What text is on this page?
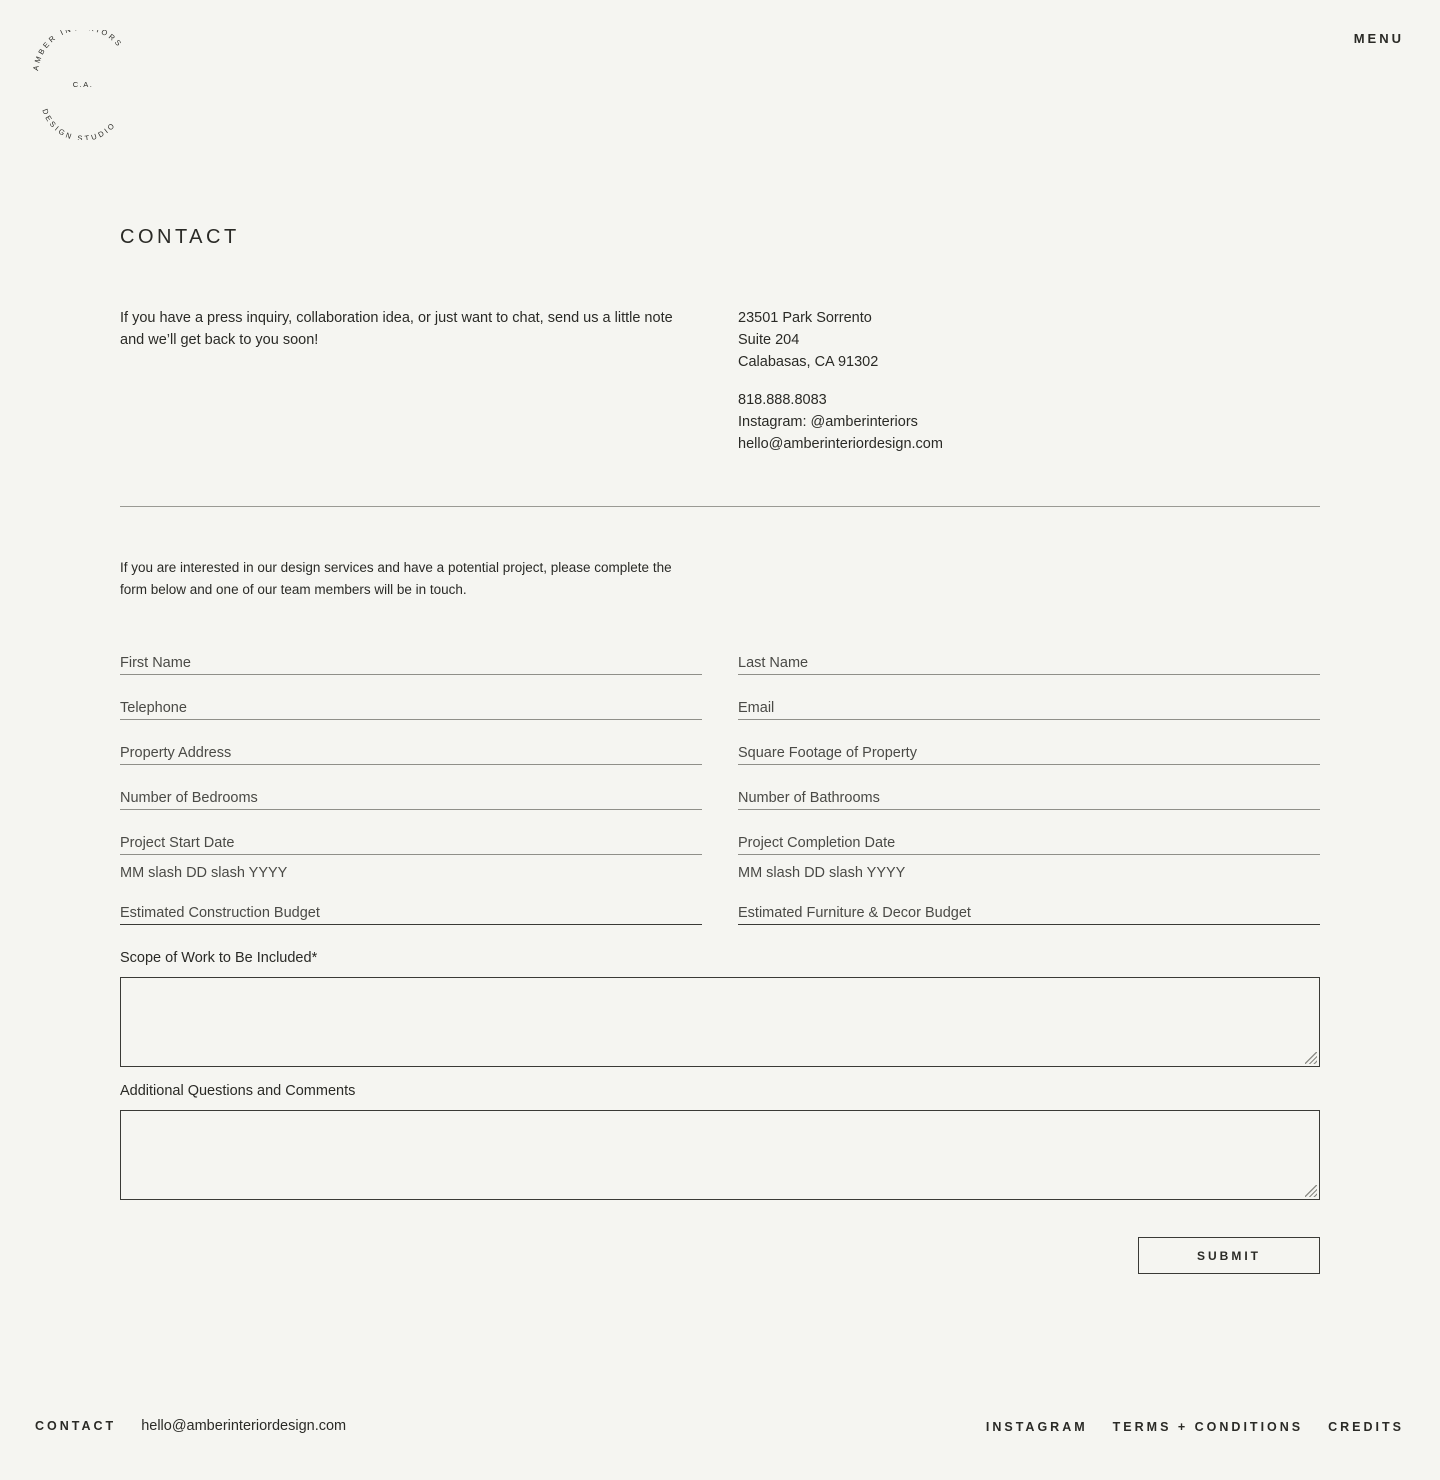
AMBER I IORS
C.A.
DESIGN STUDIO
MENU
CONTACT

If you have a press inquiry, collaboration idea, or just want to chat, send us a little note and we’ll get back to you soon!

23501 Park Sorrento
Suite 204
Calabasas, CA 91302
818.888.8083
Instagram: @amberinteriors
hello@amberinteriordesign.com

If you are interested in our design services and have a potential project, please complete the form below and one of our team members will be in touch.

First Name
Last Name
Telephone
Email
Property Address
Square Footage of Property
Number of Bedrooms
Number of Bathrooms
Project Start Date
Project Completion Date
MM slash DD slash YYYY	MM slash DD slash YYYY
Estimated Construction Budget
Estimated Furniture & Decor Budget
Scope of Work to Be Included*
Additional Questions and Comments
SUBMIT
CONTACT hello@amberinteriordesign.com	INSTAGRAM TERMS + CONDITIONS CREDITS
